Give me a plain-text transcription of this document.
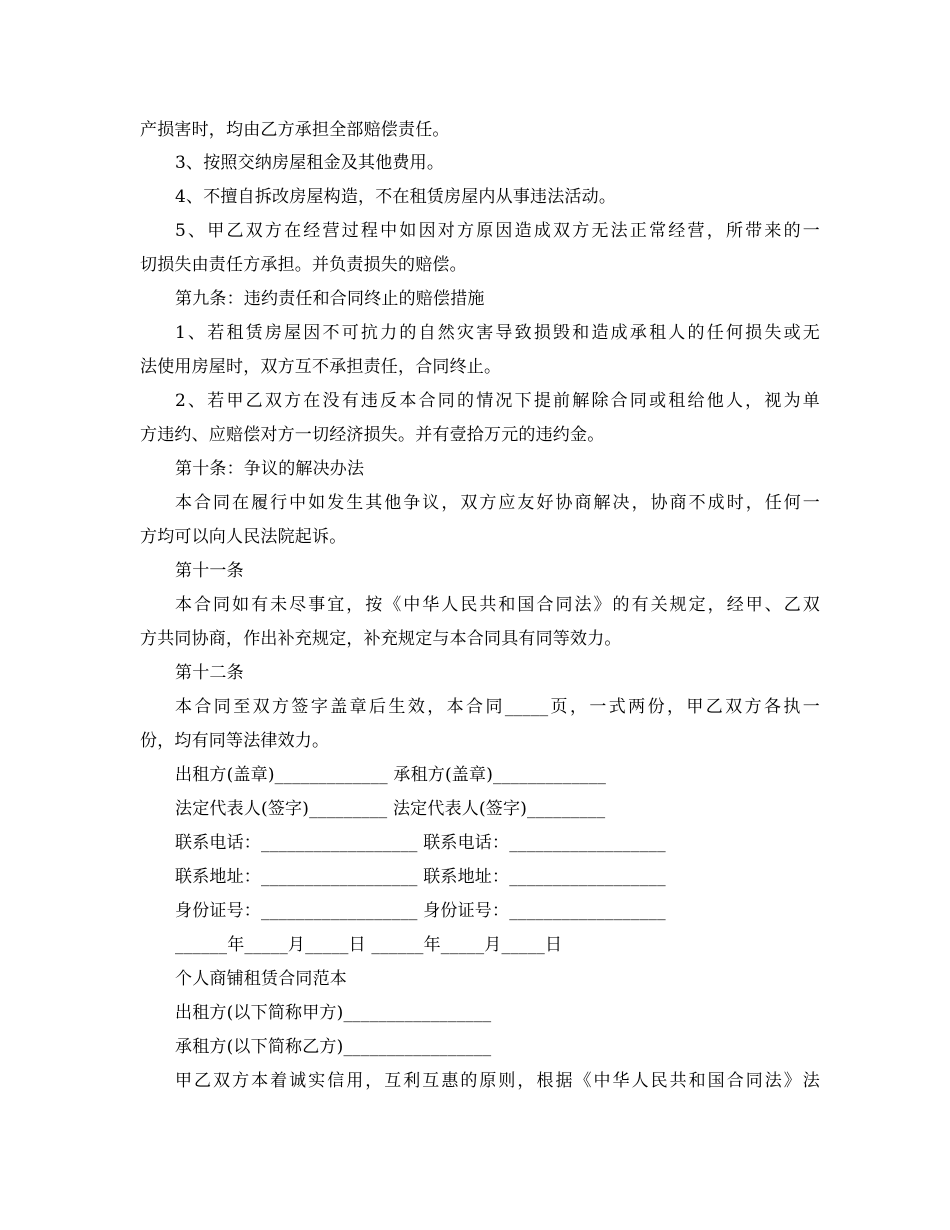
产损害时，均由乙方承担全部赔偿责任。
3、按照交纳房屋租金及其他费用。
4、不擅自拆改房屋构造，不在租赁房屋内从事违法活动。
5、甲乙双方在经营过程中如因对方原因造成双方无法正常经营，所带来的一
切损失由责任方承担。并负责损失的赔偿。
第九条：违约责任和合同终止的赔偿措施
1、若租赁房屋因不可抗力的自然灾害导致损毁和造成承租人的任何损失或无
法使用房屋时，双方互不承担责任，合同终止。
2、若甲乙双方在没有违反本合同的情况下提前解除合同或租给他人，视为单
方违约、应赔偿对方一切经济损失。并有壹拾万元的违约金。
第十条：争议的解决办法
本合同在履行中如发生其他争议，双方应友好协商解决，协商不成时，任何一
方均可以向人民法院起诉。
第十一条
本合同如有未尽事宜，按《中华人民共和国合同法》的有关规定，经甲、乙双
方共同协商，作出补充规定，补充规定与本合同具有同等效力。
第十二条
本合同至双方签字盖章后生效，本合同_____页，一式两份，甲乙双方各执一
份，均有同等法律效力。
出租方(盖章)_____________ 承租方(盖章)_____________
法定代表人(签字)_________ 法定代表人(签字)_________
联系电话：__________________ 联系电话：__________________
联系地址：__________________ 联系地址：__________________
身份证号：__________________ 身份证号：__________________
______年_____月_____日 ______年_____月_____日
个人商铺租赁合同范本
出租方(以下简称甲方)_________________
承租方(以下简称乙方)_________________
甲乙双方本着诚实信用，互利互惠的原则，根据《中华人民共和国合同法》法
